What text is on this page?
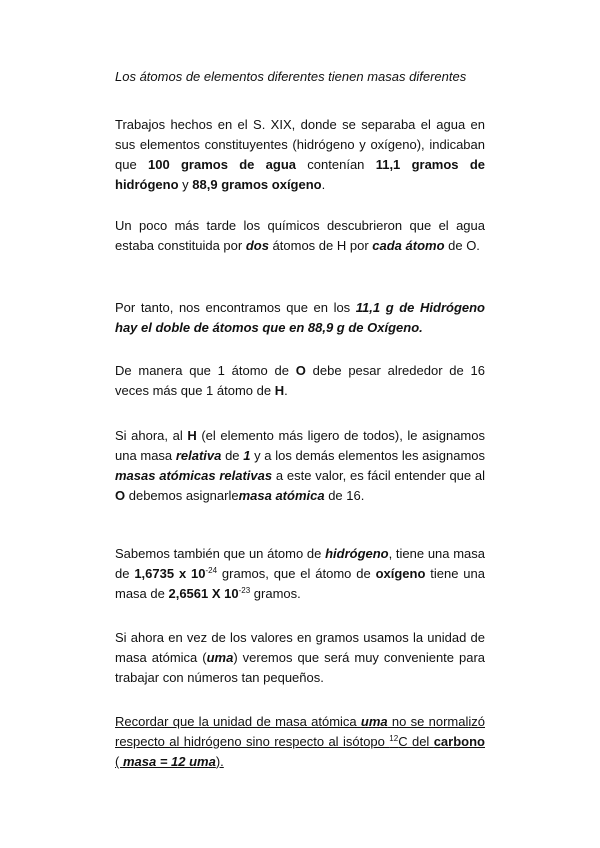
Los átomos de elementos diferentes tienen masas diferentes

Trabajos hechos en el S. XIX, donde se separaba el agua en sus elementos constituyentes (hidrógeno y oxígeno), indicaban que 100 gramos de agua contenían 11,1 gramos de hidrógeno y 88,9 gramos oxígeno.

Un poco más tarde los químicos descubrieron que el agua estaba constituida por dos átomos de H por cada átomo de O.

Por tanto, nos encontramos que en los 11,1 g de Hidrógeno hay el doble de átomos que en 88,9 g de Oxígeno.

De manera que 1 átomo de O debe pesar alrededor de 16 veces más que 1 átomo de H.

Si ahora, al H (el elemento más ligero de todos), le asignamos una masa relativa de 1 y a los demás elementos les asignamos masas atómicas relativas a este valor, es fácil entender que al O debemos asignarlemasa atómica de 16.

Sabemos también que un átomo de hidrógeno, tiene una masa de 1,6735 x $10^{-24}$ gramos, que el átomo de oxígeno tiene una masa de 2,6561 X $10^{-23}$ gramos.

Si ahora en vez de los valores en gramos usamos la unidad de masa atómica (uma) veremos que será muy conveniente para trabajar con números tan pequeños.

Recordar que la unidad de masa atómica uma no se normalizó respecto al hidrógeno sino respecto al isótopo $^{12}$C del carbono ( masa = 12 uma).
